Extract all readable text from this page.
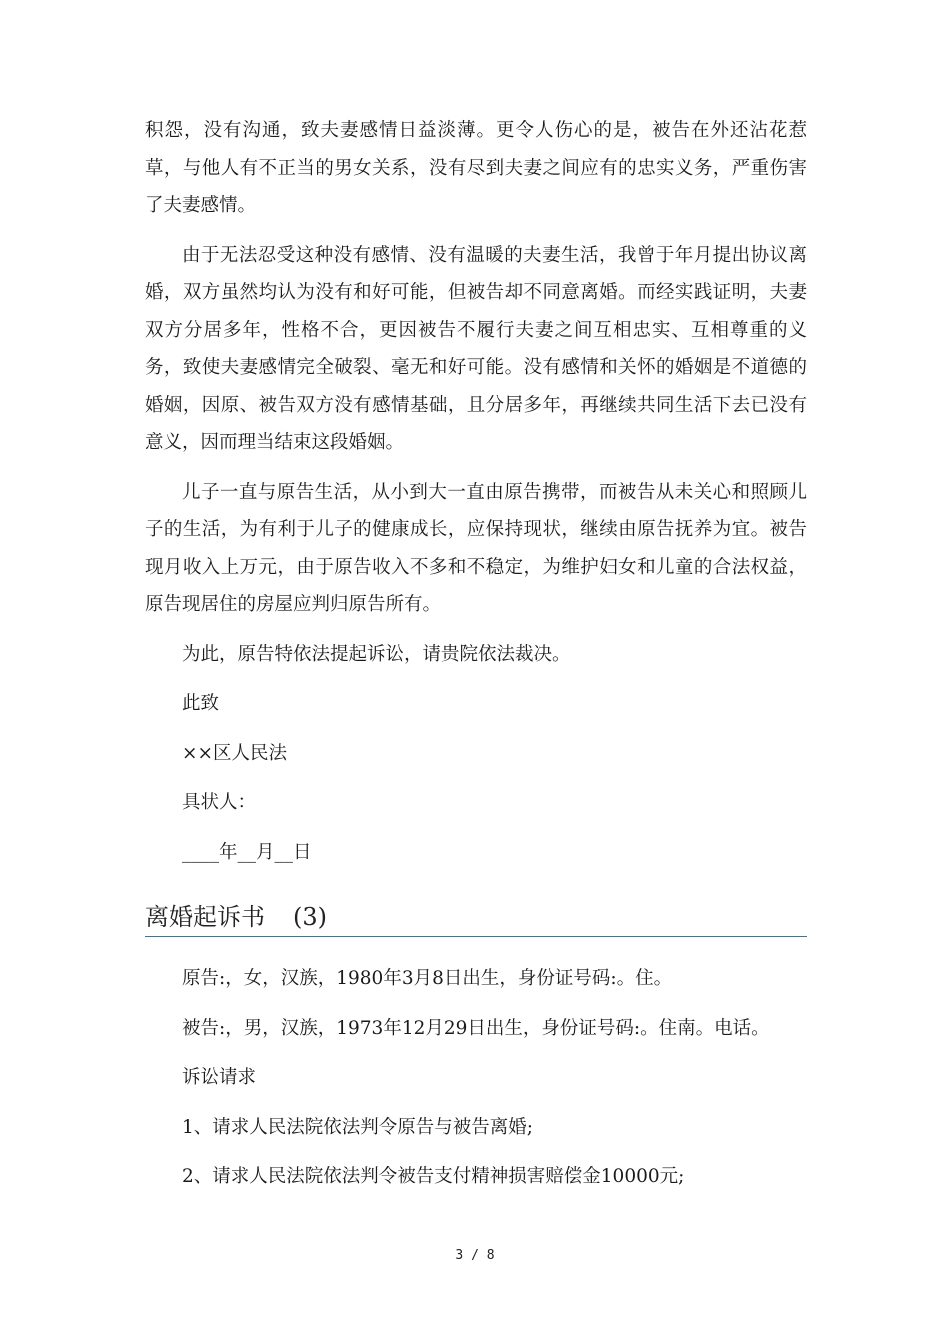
积怨，没有沟通，致夫妻感情日益淡薄。更令人伤心的是，被告在外还沾花惹草，与他人有不正当的男女关系，没有尽到夫妻之间应有的忠实义务，严重伤害了夫妻感情。

由于无法忍受这种没有感情、没有温暖的夫妻生活，我曾于年月提出协议离婚，双方虽然均认为没有和好可能，但被告却不同意离婚。而经实践证明，夫妻双方分居多年，性格不合，更因被告不履行夫妻之间互相忠实、互相尊重的义务，致使夫妻感情完全破裂、毫无和好可能。没有感情和关怀的婚姻是不道德的婚姻，因原、被告双方没有感情基础，且分居多年，再继续共同生活下去已没有意义，因而理当结束这段婚姻。

儿子一直与原告生活，从小到大一直由原告携带，而被告从未关心和照顾儿子的生活，为有利于儿子的健康成长，应保持现状，继续由原告抚养为宜。被告现月收入上万元，由于原告收入不多和不稳定，为维护妇女和儿童的合法权益，原告现居住的房屋应判归原告所有。

为此，原告特依法提起诉讼，请贵院依法裁决。

此致

××区人民法

具状人：

____年__月__日

离婚起诉书 (3)

原告:，女，汉族，1980年3月8日出生，身份证号码:。住。

被告:，男，汉族，1973年12月29日出生，身份证号码:。住南。电话。

诉讼请求

1、请求人民法院依法判令原告与被告离婚;

2、请求人民法院依法判令被告支付精神损害赔偿金10000元;

3 / 8
